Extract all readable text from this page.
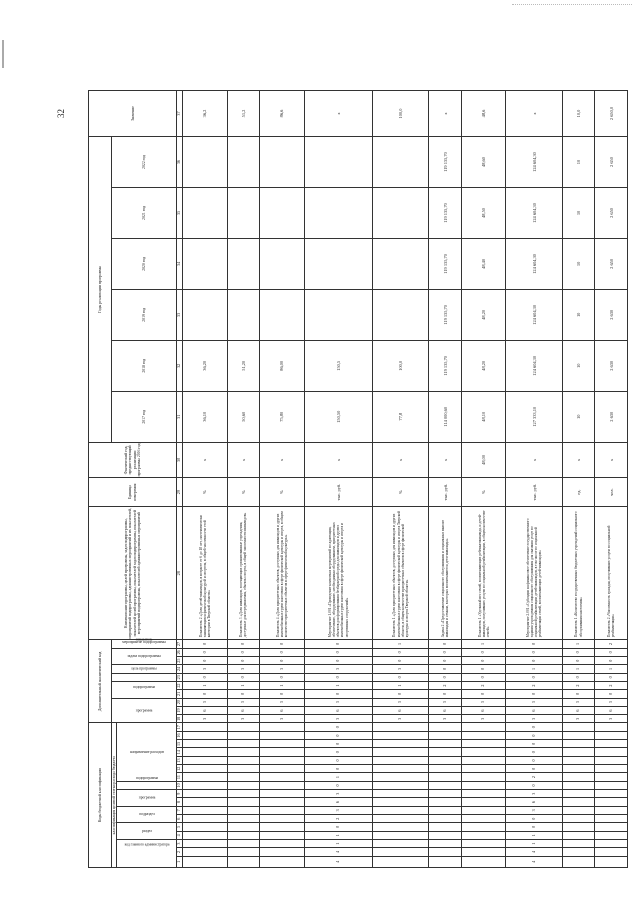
32
Коды бюджетной классификации																	Дополнительный аналитический код										Наименование программы, целей программы, задач подпрограммы, мероприятий подпрограммы, административных мероприятий и их показателей, показателей целей программы, показателей задач подпрограммы, показателей мероприятий подпрограммы, показателей административных мероприятий	Единица измерения	Фактический год, предшествующий реализации программы 2016 год	Годы реализации программы						Значение
классификация целевой статьи расхода бюджета																	программа			подпрограмма		цель программы	задача подпрограммы	мероприятие подпрограммы		показатель				2017 год	2018 год	2019 год	2020 год	2021 год	2022 год	
код главного администратора			раздел		подраздел		программа		подпрограмма	направление расходов																										
1	2	3	4	5	6	7	8	9	10	11	12	13	14	15	16	17	18	19	20	21	22	23	24	25	26	27	28	29	30	31	32	33	34	35	36	37
																	3	6	3	0	1	0	3	0	0	0	Показатель 2 «Доля детей-инвалидов, в возрасте от 6 до 18 лет, систематически занимающихся физической культурой и спортом, в общей численности этой категории в Тверской области»	%	x	36,10	36,20					36,2
																	3	6	3	0	1	0	3	0	0	0	Показатель 3 «Доля инвалидов, посещающих организованные учреждения, доступные для передвижения, объекты спорта, в общей численности инвалидов»	%	x	50,60	51,20					51,2
																	3	6	3	0	1	0	3	0	0	0	Показатель 4 «Доля приоритетных объектов, доступных для инвалидов и других маломобильных групп населения в сфере физической культуры и спорта, в общем количестве приоритетных объектов в сфере физической культуры»	%	x	75,80	86,00					86,6
4	4	1	1	0	2	3	6	3	0	1	0	0	0	0	0	0	3	6	3	0	1	0	3	0	0	0	Мероприятие 1.001 «Проведение комплекса мероприятий по адаптации, обеспечению, оборудованию, необходимым оборудованием, приоритетных объектов для формирования безбарьерной среды для инвалидов и других маломобильных групп населения в сфере физической культуры и спорта и спортивных сооружений»	тыс. руб.	x	150,50	150,5					x
																	3	6	3	0	1	0	3	0	0	1	Показатель 1 «Доля приоритетных объектов, доступных для инвалидов и других маломобильных групп населения в сфере физической культуры и спорта Тверской области, в общем количестве приоритетных объектов в сфере физической культуры и спорта Тверской области»	%	x	77,8	100,0					100,0
																	3	6	3	0	2	0	0	0	0	0	Задача 2 «Предоставление социального обслуживания и социальных выплат инвалидам и семьям, в которых воспитываются дети-инвалиды»	тыс. руб.	x	114 000,60	119 135,70	119 135,70	119 135,70	119 135,70	119 135,70	x
																	3	6	3	0	2	0	0	0	0	1	Показатель 1 «Удельный вес семей, воспитывающих ребенка-инвалида, и детей-инвалидов, получивших услуги по социальной реабилитации, в общем количестве семей»	%	48,00	48,10	48,20	48,20	48,40	48,50	48,60	48,6
4	4	1	1	0	0	3	6	3	0	2	0	0	0	0	0	0	3	6	3	0	2	0	1	0	0	0	Мероприятие 2.001 «Субсидии на финансовое обеспечение государственного задания учреждениям социального обслуживания для оказания услуг по социальной реабилитации детей-инвалидов, в том числе по социальной реабилитации семей, воспитывающих детей-инвалидов»	тыс. руб.	x	127 333,10	124 604,30	124 604,30	124 604,30	124 604,30	124 604,30	x
																	3	6	3	0	2	0	1	0	0	1	Показатель 1 «Количество государственных бюджетных учреждений социального обслуживания населения»	ед.	x	10	10	10	10	10	10	10,0
																	3	6	3	0	2	0	1	0	0	2	Показатель 2 «Численность граждан, получивших услуги по социальной реабилитации»	чел.	x	2 630	2 630	2 630	2 650	2 650	2 650	2 650,0
